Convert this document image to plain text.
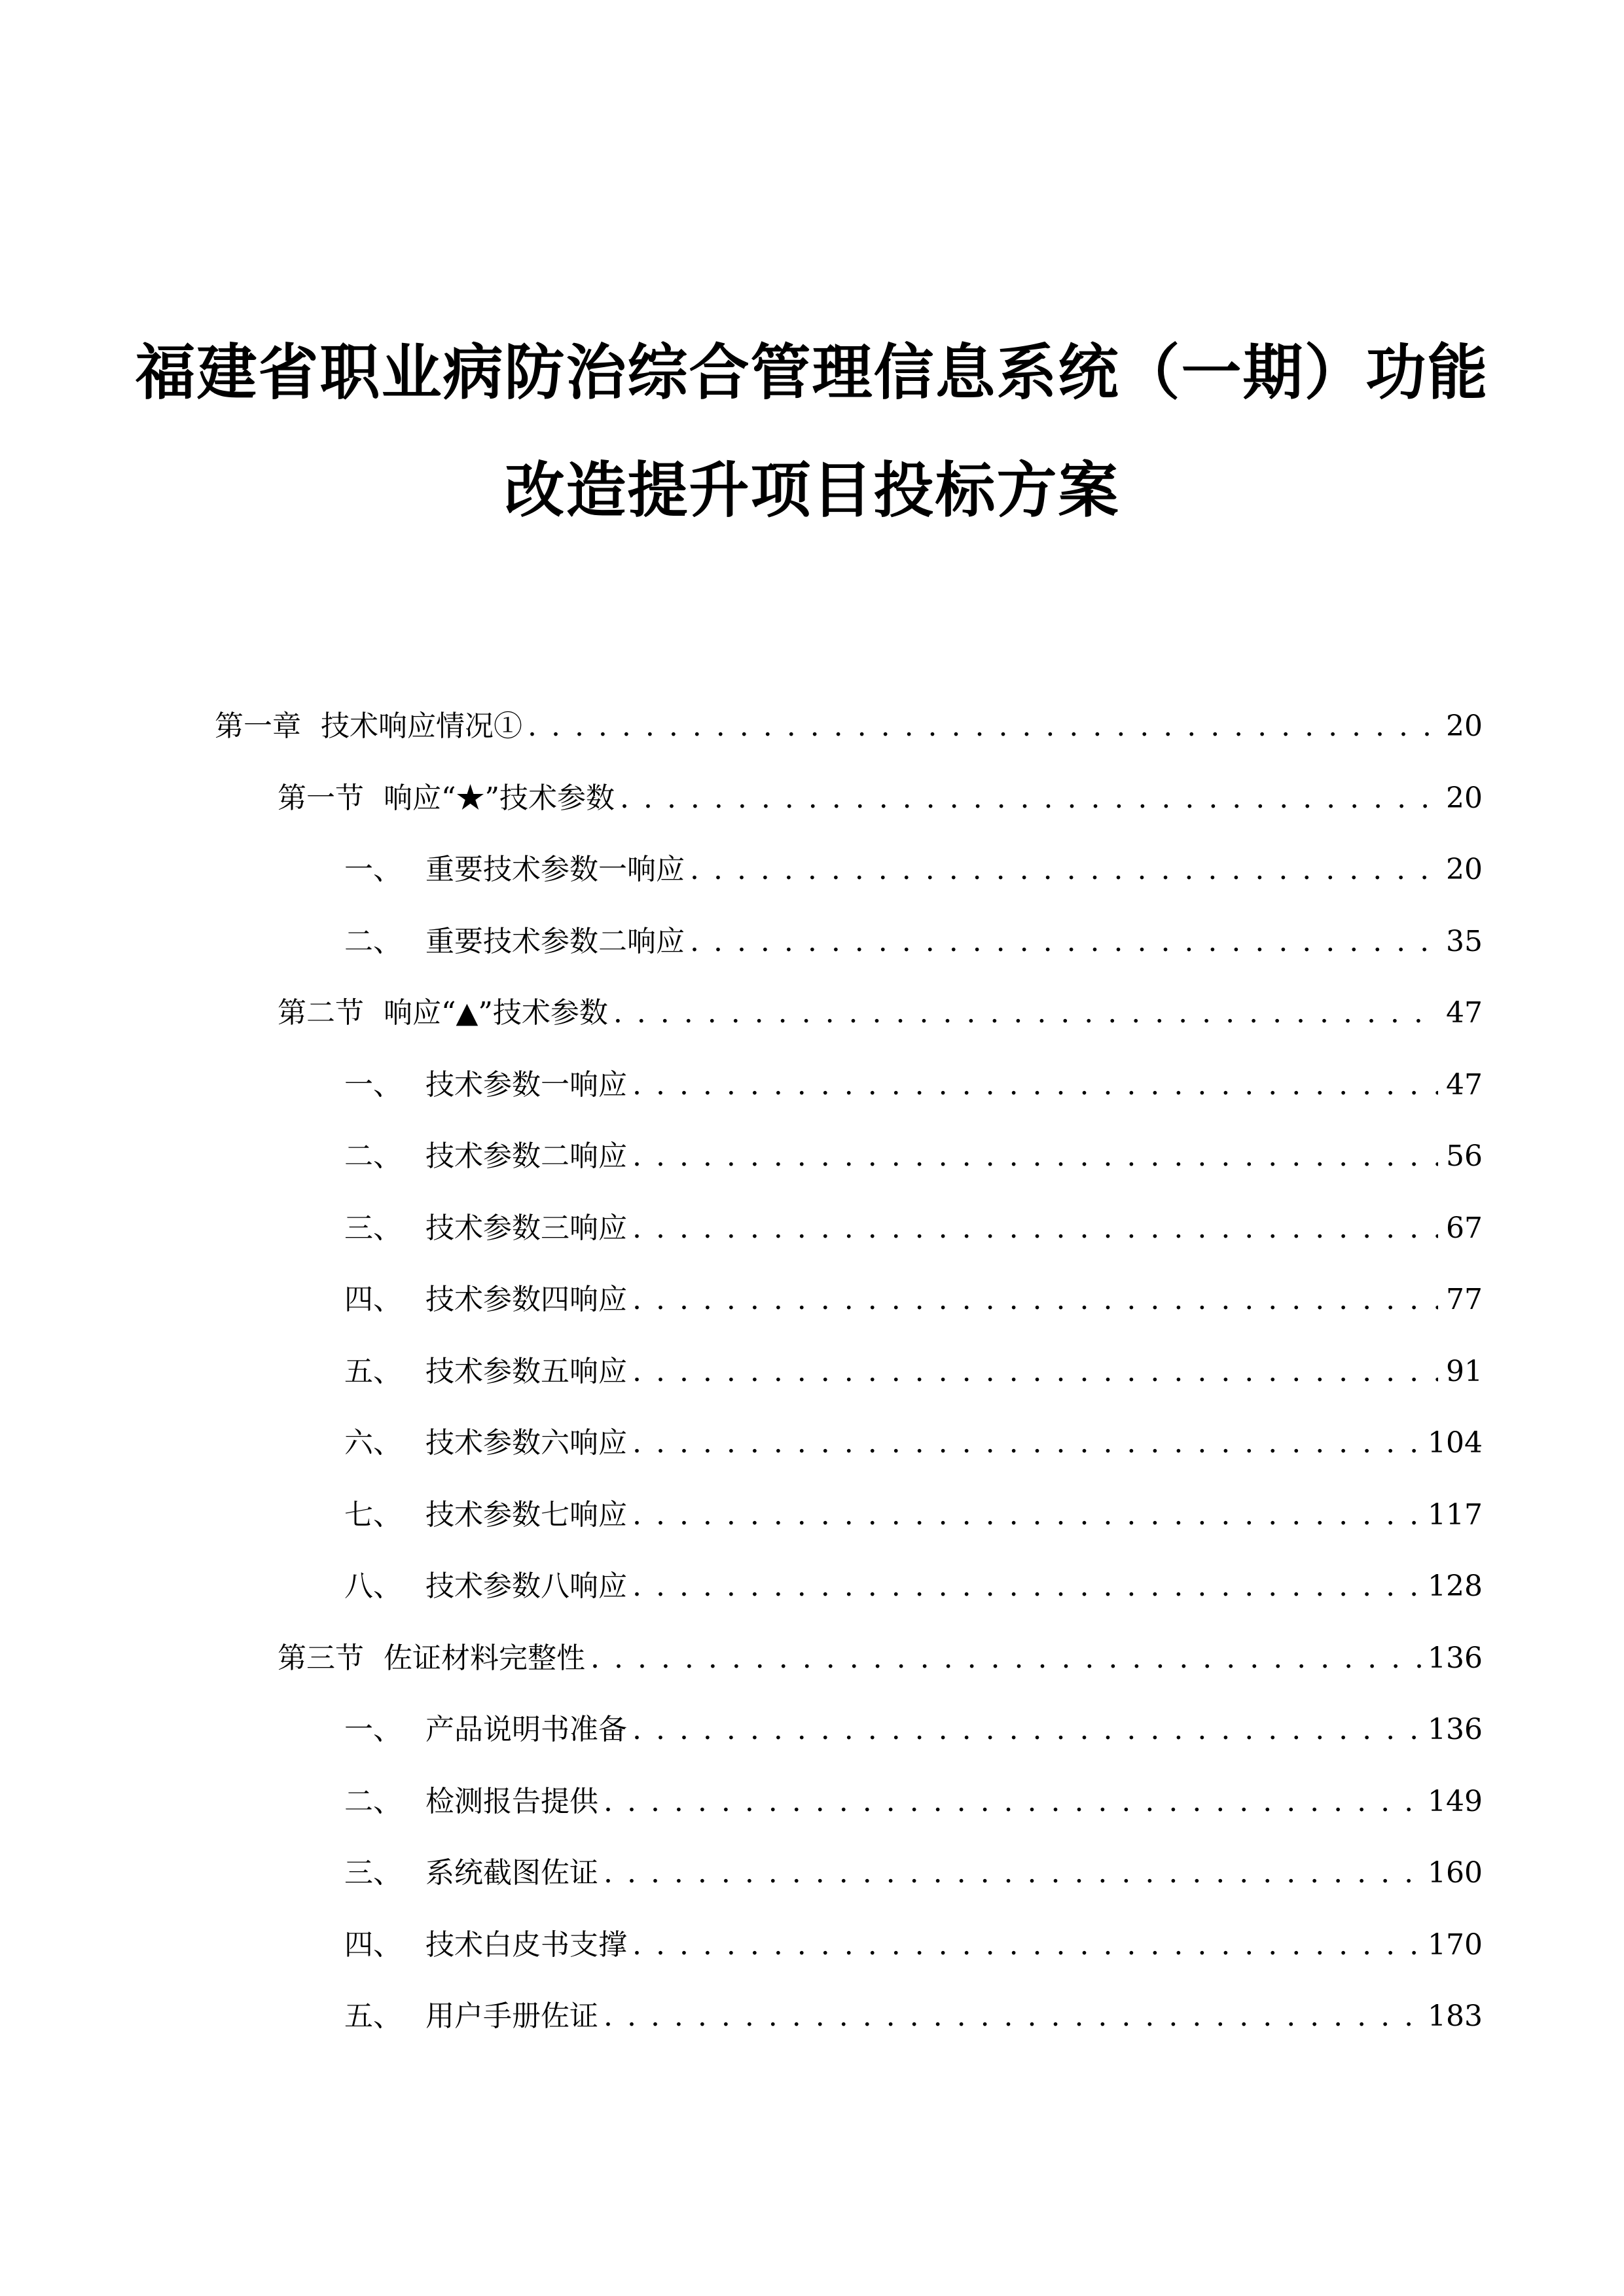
福建省职业病防治综合管理信息系统（一期）功能
改造提升项目投标方案
第一章 技术响应情况① . . .	20
第一节 响应“★”技术参数 . . .	20
一、 重要技术参数一响应 . . .	20
二、 重要技术参数二响应 . . .	35
第二节 响应“▲”技术参数 . . .	47
一、 技术参数一响应 . . .	47
二、 技术参数二响应 . . .	56
三、 技术参数三响应 . . .	67
四、 技术参数四响应 . . .	77
五、 技术参数五响应 . . .	91
六、 技术参数六响应 . . .	104
七、 技术参数七响应 . . .	117
八、 技术参数八响应 . . .	128
第三节 佐证材料完整性 . . .	136
一、 产品说明书准备 . . .	136
二、 检测报告提供 . . .	149
三、 系统截图佐证 . . .	160
四、 技术白皮书支撑 . . .	170
五、 用户手册佐证 . . .	183
